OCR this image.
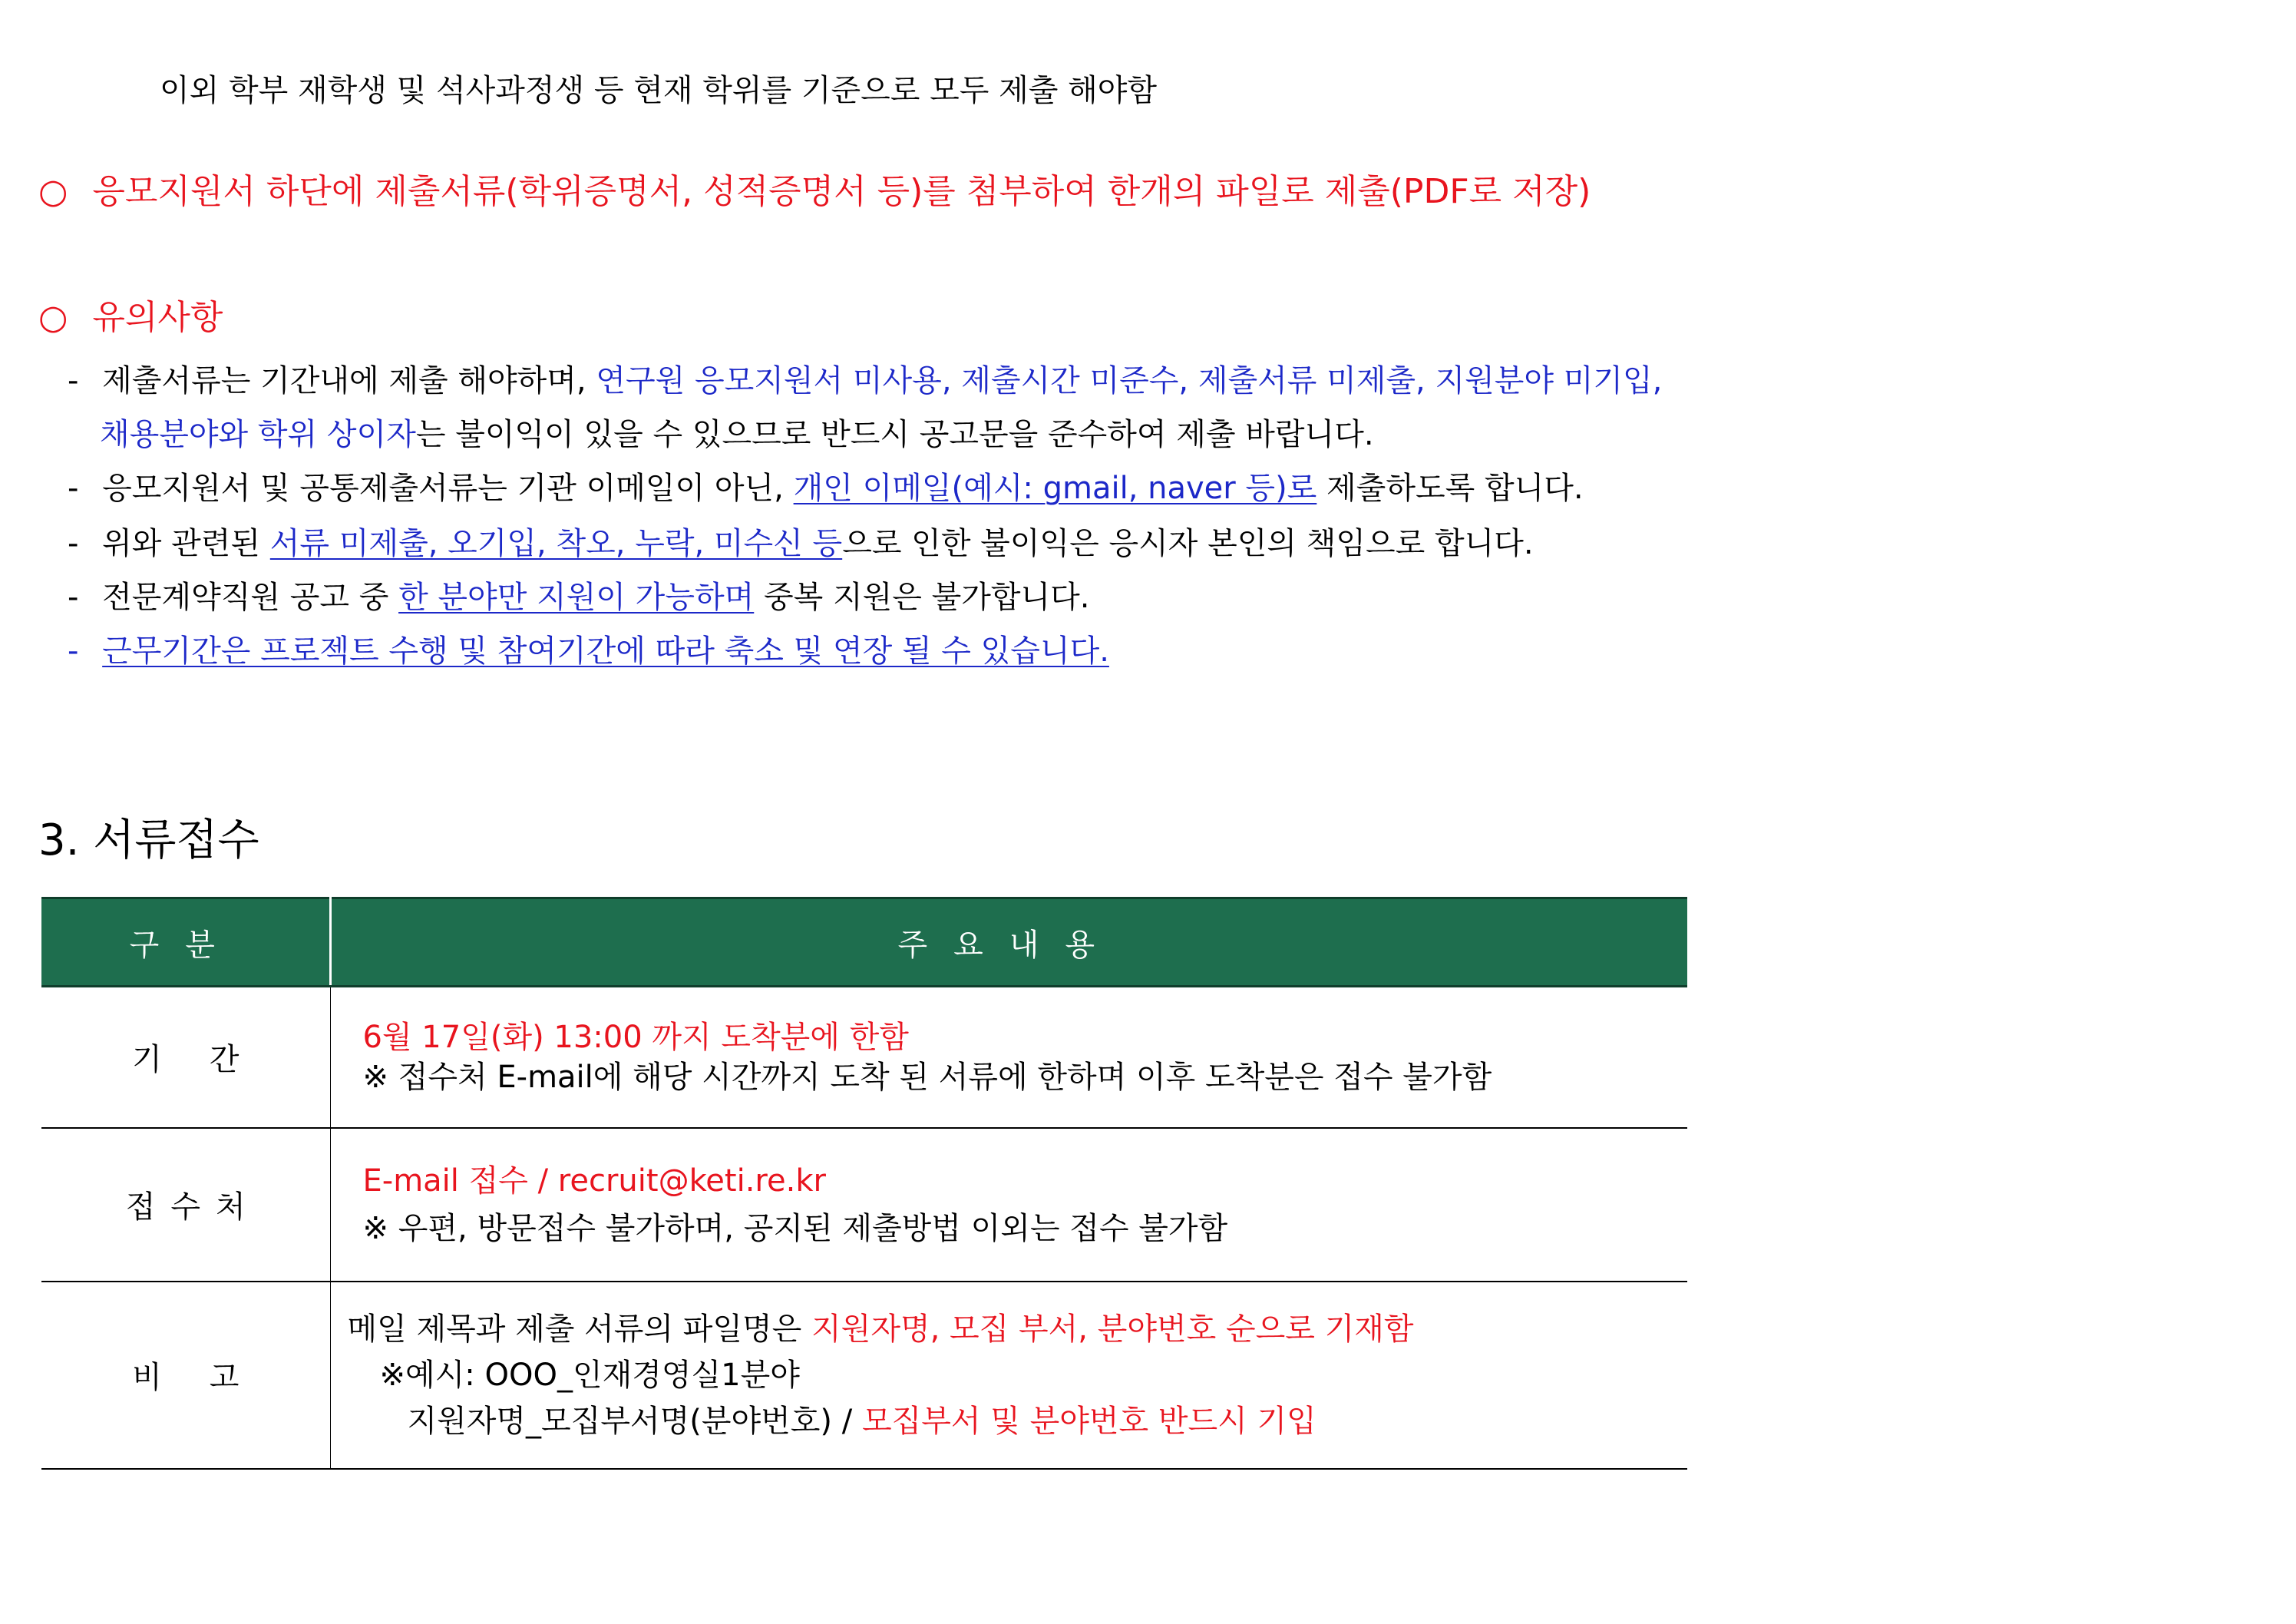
이외 학부 재학생 및 석사과정생 등 현재 학위를 기준으로 모두 제출 해야함
○ 응모지원서 하단에 제출서류(학위증명서, 성적증명서 등)를 첨부하여 한개의 파일로 제출(PDF로 저장)
○ 유의사항
- 제출서류는 기간내에 제출 해야하며, 연구원 응모지원서 미사용, 제출시간 미준수, 제출서류 미제출, 지원분야 미기입,
채용분야와 학위 상이자는 불이익이 있을 수 있으므로 반드시 공고문을 준수하여 제출 바랍니다.
- 응모지원서 및 공통제출서류는 기관 이메일이 아닌, 개인 이메일(예시: gmail, naver 등)로 제출하도록 합니다.
- 위와 관련된 서류 미제출, 오기입, 착오, 누락, 미수신 등으로 인한 불이익은 응시자 본인의 책임으로 합니다.
- 전문계약직원 공고 중 한 분야만 지원이 가능하며 중복 지원은 불가합니다.
- 근무기간은 프로젝트 수행 및 참여기간에 따라 축소 및 연장 될 수 있습니다.
3. 서류접수
구분	주요내용
기간	6월 17일(화) 13:00 까지 도착분에 한함
※ 접수처 E-mail에 해당 시간까지 도착 된 서류에 한하며 이후 도착분은 접수 불가함

접수처	E-mail 접수 / recruit@keti.re.kr
※ 우편, 방문접수 불가하며, 공지된 제출방법 이외는 접수 불가함

비고	메일 제목과 제출 서류의 파일명은 지원자명, 모집 부서, 분야번호 순으로 기재함
※예시: OOO_인재경영실1분야
지원자명_모집부서명(분야번호) / 모집부서 및 분야번호 반드시 기입
